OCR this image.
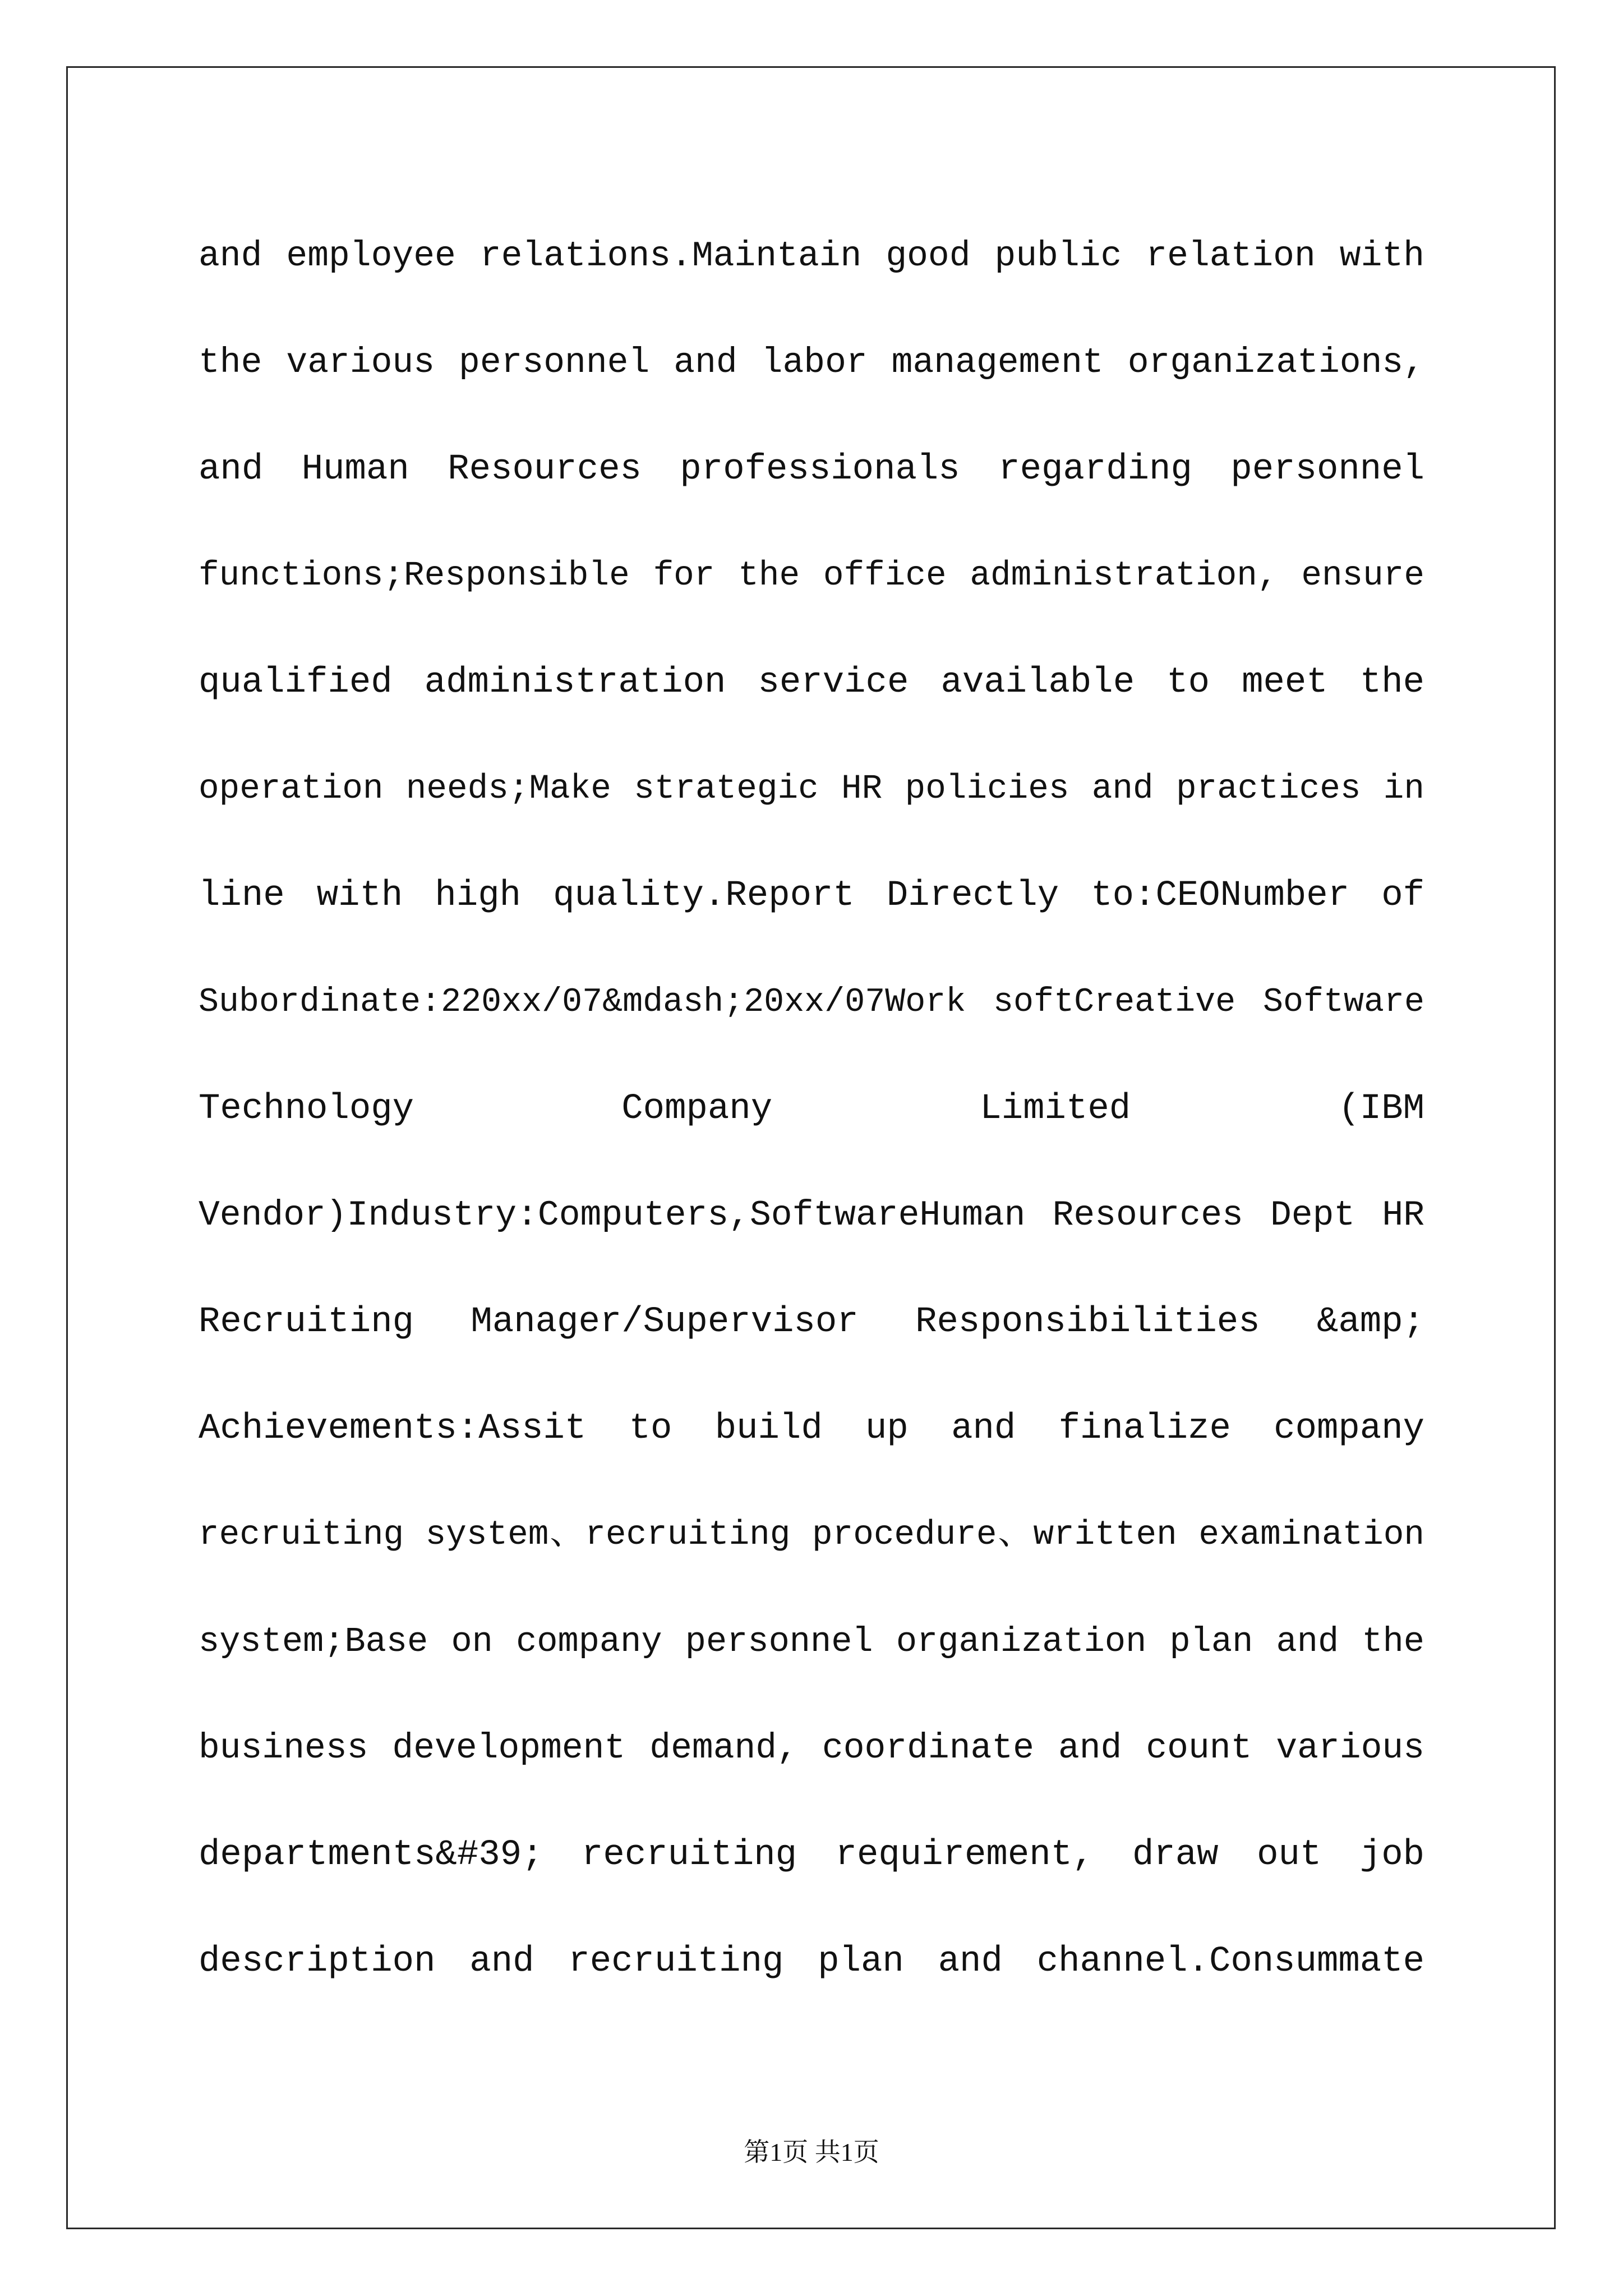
and employee relations.Maintain good public relation with
the various personnel and labor management organizations,
and Human Resources professionals regarding personnel
functions;Responsible for the office administration, ensure
qualified administration service available to meet the
operation needs;Make strategic HR policies and practices in
line with high quality.Report Directly to:CEONumber of
Subordinate:220xx/07&mdash;20xx/07Work softCreative Software
Technology Company Limited (IBM
Vendor)Industry:Computers,SoftwareHuman Resources Dept HR
Recruiting Manager/Supervisor Responsibilities &amp;
Achievements:Assit to build up and finalize company
recruiting system、recruiting procedure、written examination
system;Base on company personnel organization plan and the
business development demand, coordinate and count various
departments&#39; recruiting requirement, draw out job
description and recruiting plan and channel.Consummate
第1页 共1页
